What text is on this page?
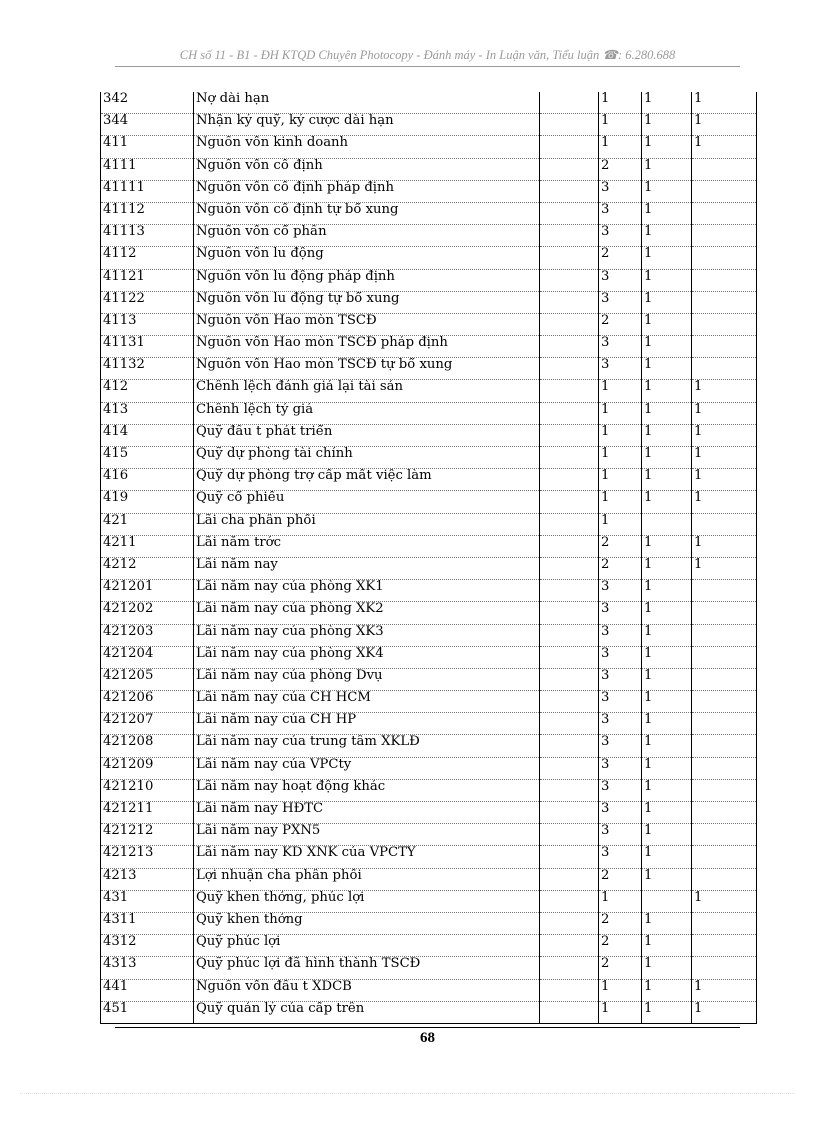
CH số 11 - B1 - ĐH KTQD Chuyên Photocopy - Đánh máy - In Luận văn, Tiểu luận ☎: 6.280.688
342	Nợ dài hạn		1	1	1
344	Nhận ký quỹ, ký cược dài hạn		1	1	1
411	Nguồn vốn kinh doanh		1	1	1
4111	Nguồn vốn cố định		2	1	
41111	Nguồn vốn cố định pháp định		3	1	
41112	Nguồn vốn cố định tự bổ xung		3	1	
41113	Nguồn vốn cổ phần		3	1	
4112	Nguồn vốn lu động		2	1	
41121	Nguồn vốn lu động pháp định		3	1	
41122	Nguồn vốn lu động tự bổ xung		3	1	
4113	Nguồn vốn Hao mòn TSCĐ		2	1	
41131	Nguồn vốn Hao mòn TSCĐ pháp định		3	1	
41132	Nguồn vốn Hao mòn TSCĐ tự bổ xung		3	1	
412	Chênh lệch đánh giá lại tài sản		1	1	1
413	Chênh lệch tỷ giá		1	1	1
414	Quỹ đầu t phát triển		1	1	1
415	Quỹ dự phòng tài chính		1	1	1
416	Quỹ dự phòng trợ cấp mất việc làm		1	1	1
419	Quỹ cổ phiếu		1	1	1
421	Lãi cha phân phối		1		
4211	Lãi năm trớc		2	1	1
4212	Lãi năm nay		2	1	1
421201	Lãi năm nay của phòng XK1		3	1	
421202	Lãi năm nay của phòng XK2		3	1	
421203	Lãi năm nay của phòng XK3		3	1	
421204	Lãi năm nay của phòng XK4		3	1	
421205	Lãi năm nay của phòng Dvụ		3	1	
421206	Lãi năm nay của CH HCM		3	1	
421207	Lãi năm nay của CH HP		3	1	
421208	Lãi năm nay của trung tâm XKLĐ		3	1	
421209	Lãi năm nay của VPCty		3	1	
421210	Lãi năm nay hoạt động khác		3	1	
421211	Lãi năm nay HĐTC		3	1	
421212	Lãi năm nay PXN5		3	1	
421213	Lãi năm nay KD XNK của VPCTY		3	1	
4213	Lợi nhuận cha phân phối		2	1	
431	Quỹ khen thởng, phúc lợi		1		1
4311	Quỹ khen thởng		2	1	
4312	Quỹ phúc lợi		2	1	
4313	Quỹ phúc lợi đã hình thành TSCĐ		2	1	
441	Nguồn vốn đầu t XDCB		1	1	1
451	Quỹ quản lý của cấp trên		1	1	1
68
